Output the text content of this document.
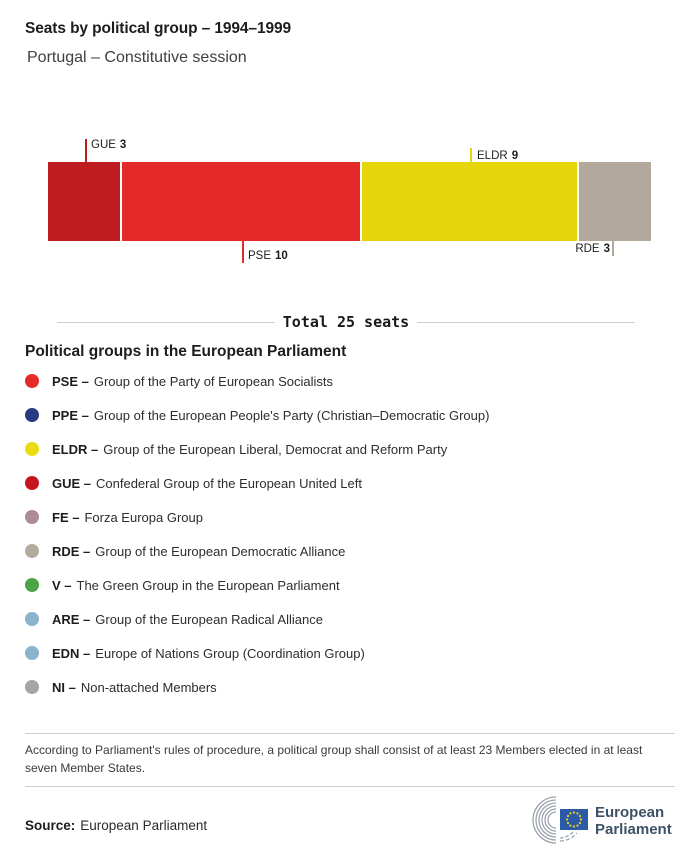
Seats by political group – 1994–1999
Portugal – Constitutive session
GUE 3
PSE 10
ELDR 9
RDE 3
Total 25 seats
Political groups in the European Parliament
PSE – Group of the Party of European Socialists
PPE – Group of the European People's Party (Christian–Democratic Group)
ELDR – Group of the European Liberal, Democrat and Reform Party
GUE – Confederal Group of the European United Left
FE – Forza Europa Group
RDE – Group of the European Democratic Alliance
V – The Green Group in the European Parliament
ARE – Group of the European Radical Alliance
EDN – Europe of Nations Group (Coordination Group)
NI – Non-attached Members
According to Parliament's rules of procedure, a political group shall consist of at least 23 Members elected in at least seven Member States.
Source: European Parliament
European
Parliament
